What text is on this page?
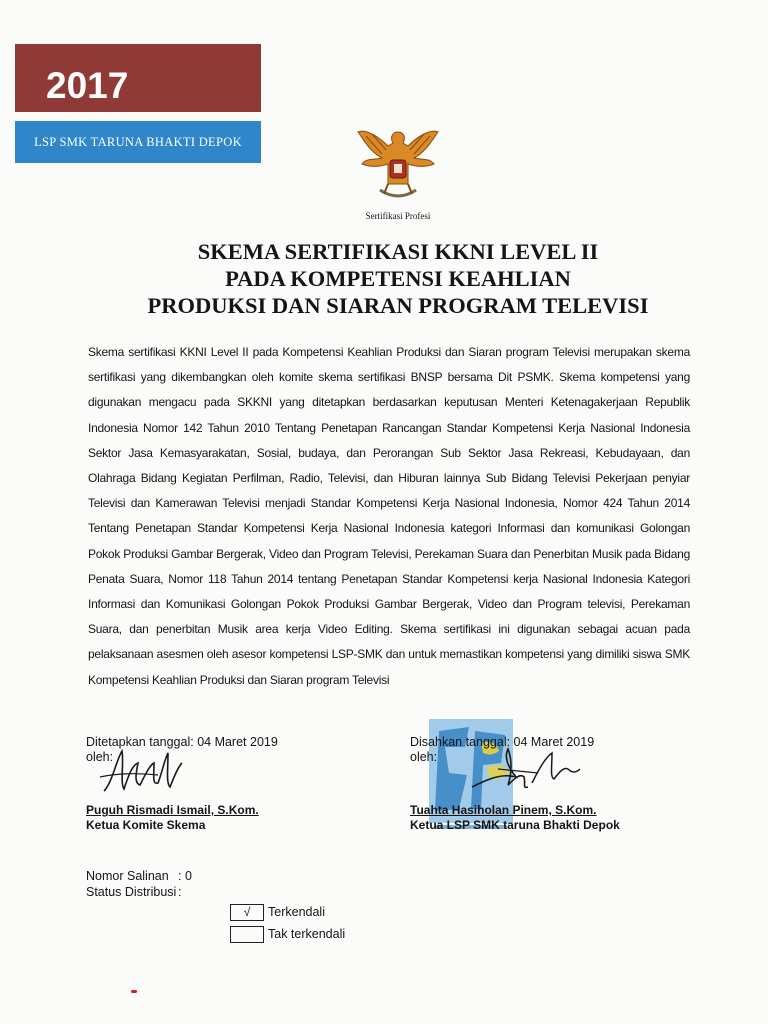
2017
LSP SMK TARUNA BHAKTI DEPOK
Sertifikasi Profesi
SKEMA SERTIFIKASI KKNI LEVEL II
PADA KOMPETENSI KEAHLIAN
PRODUKSI DAN SIARAN PROGRAM TELEVISI
Skema sertifikasi KKNI Level II pada Kompetensi Keahlian Produksi dan Siaran program Televisi merupakan skema sertifikasi yang dikembangkan oleh komite skema sertifikasi BNSP bersama Dit PSMK. Skema kompetensi yang digunakan mengacu pada SKKNI yang ditetapkan berdasarkan keputusan Menteri Ketenagakerjaan Republik Indonesia Nomor 142 Tahun 2010 Tentang Penetapan Rancangan Standar Kompetensi Kerja Nasional Indonesia Sektor Jasa Kemasyarakatan, Sosial, budaya, dan Perorangan Sub Sektor Jasa Rekreasi, Kebudayaan, dan Olahraga Bidang Kegiatan Perfilman, Radio, Televisi, dan Hiburan lainnya Sub Bidang Televisi Pekerjaan penyiar Televisi dan Kamerawan Televisi menjadi Standar Kompetensi Kerja Nasional Indonesia, Nomor 424 Tahun 2014 Tentang Penetapan Standar Kompetensi Kerja Nasional Indonesia kategori Informasi dan komunikasi Golongan Pokok Produksi Gambar Bergerak, Video dan Program Televisi, Perekaman Suara dan Penerbitan Musik pada Bidang Penata Suara, Nomor 118 Tahun 2014 tentang Penetapan Standar Kompetensi kerja Nasional Indonesia Kategori Informasi dan Komunikasi Golongan Pokok Produksi Gambar Bergerak, Video dan Program televisi, Perekaman Suara, dan penerbitan Musik area kerja Video Editing. Skema sertifikasi ini digunakan sebagai acuan pada pelaksanaan asesmen oleh asesor kompetensi LSP-SMK dan untuk memastikan kompetensi yang dimiliki siswa SMK Kompetensi Keahlian Produksi dan Siaran program Televisi
Ditetapkan tanggal: 04 Maret 2019
oleh:
Puguh Rismadi Ismail, S.Kom.
Ketua Komite Skema
Disahkan tanggal: 04 Maret 2019
oleh:
Tuahta Hasiholan Pinem, S.Kom.
Ketua LSP SMK taruna Bhakti Depok
Nomor Salinan : 0
Status Distribusi :
√	Terkendali
Tak terkendali
